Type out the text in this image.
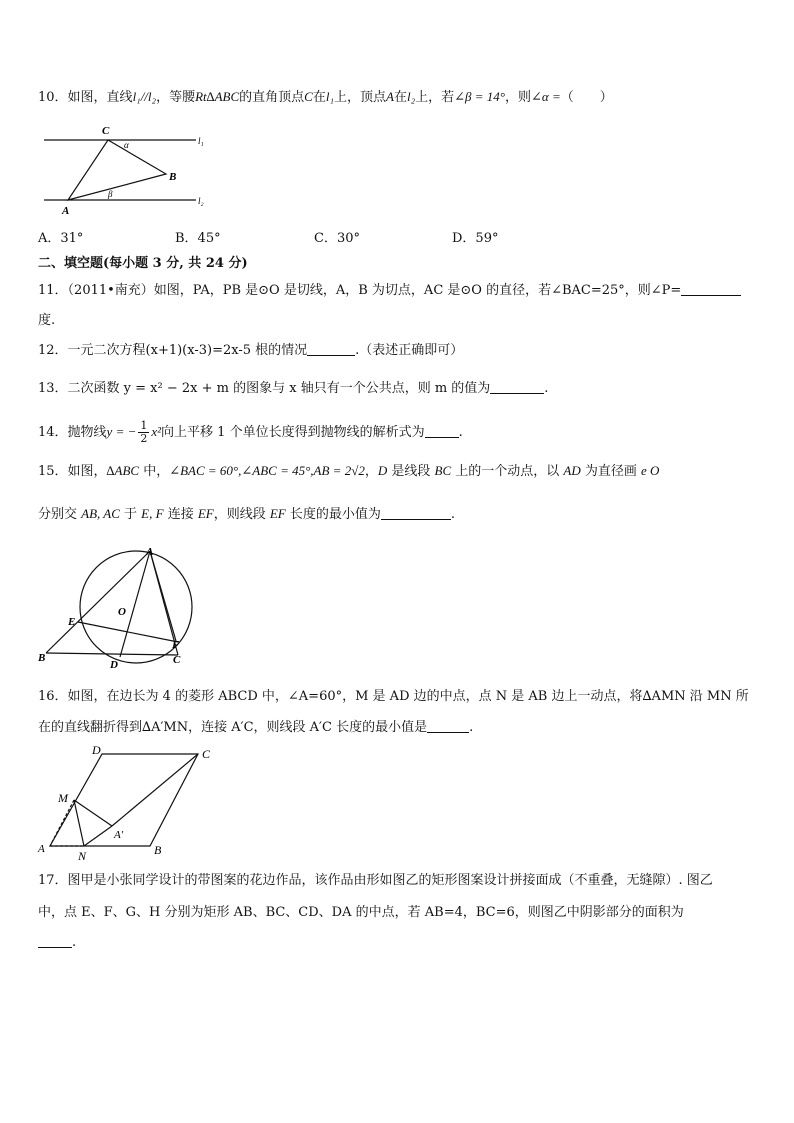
10．如图，直线l₁//l₂，等腰Rt∆ABC的直角顶点C在l₁上，顶点A在l₂上，若∠β = 14°，则∠α =（　　）
C
α
B
β
A
l₁
l₂
A．31°	B．45°	C．30°	D．59°
二、填空题(每小题 3 分, 共 24 分)
11．（2011•南充）如图，PA，PB 是⊙O 是切线，A，B 为切点，AC 是⊙O 的直径，若∠BAC=25°，则∠P=
度.
12．一元二次方程(x+1)(x-3)=2x-5 根的情况	.（表述正确即可）
13．二次函数 y = x² − 2x + m 的图象与 x 轴只有一个公共点，则 m 的值为	.
14．抛物线y = − $\frac{1}{2} x^2$向上平移 1 个单位长度得到抛物线的解析式为	.
15．如图，∆ABC 中，∠BAC = 60°,∠ABC = 45°,AB = 2√2，D 是线段 BC 上的一个动点，以 AD 为直径画 e O
分别交 AB, AC 于 E, F 连接 EF，则线段 EF 长度的最小值为	.
A
O
E
F
B
D	C
16．如图，在边长为 4 的菱形 ABCD 中，∠A=60°，M 是 AD 边的中点，点 N 是 AB 边上一动点，将∆AMN 沿 MN 所
在的直线翻折得到∆A′MN，连接 A′C，则线段 A′C 长度的最小值是	.
D	C
M
A′
A	N	B
17．图甲是小张同学设计的带图案的花边作品，该作品由形如图乙的矩形图案设计拼接面成（不重叠，无缝隙）. 图乙
中，点 E、F、G、H 分别为矩形 AB、BC、CD、DA 的中点，若 AB=4，BC=6，则图乙中阴影部分的面积为
.
